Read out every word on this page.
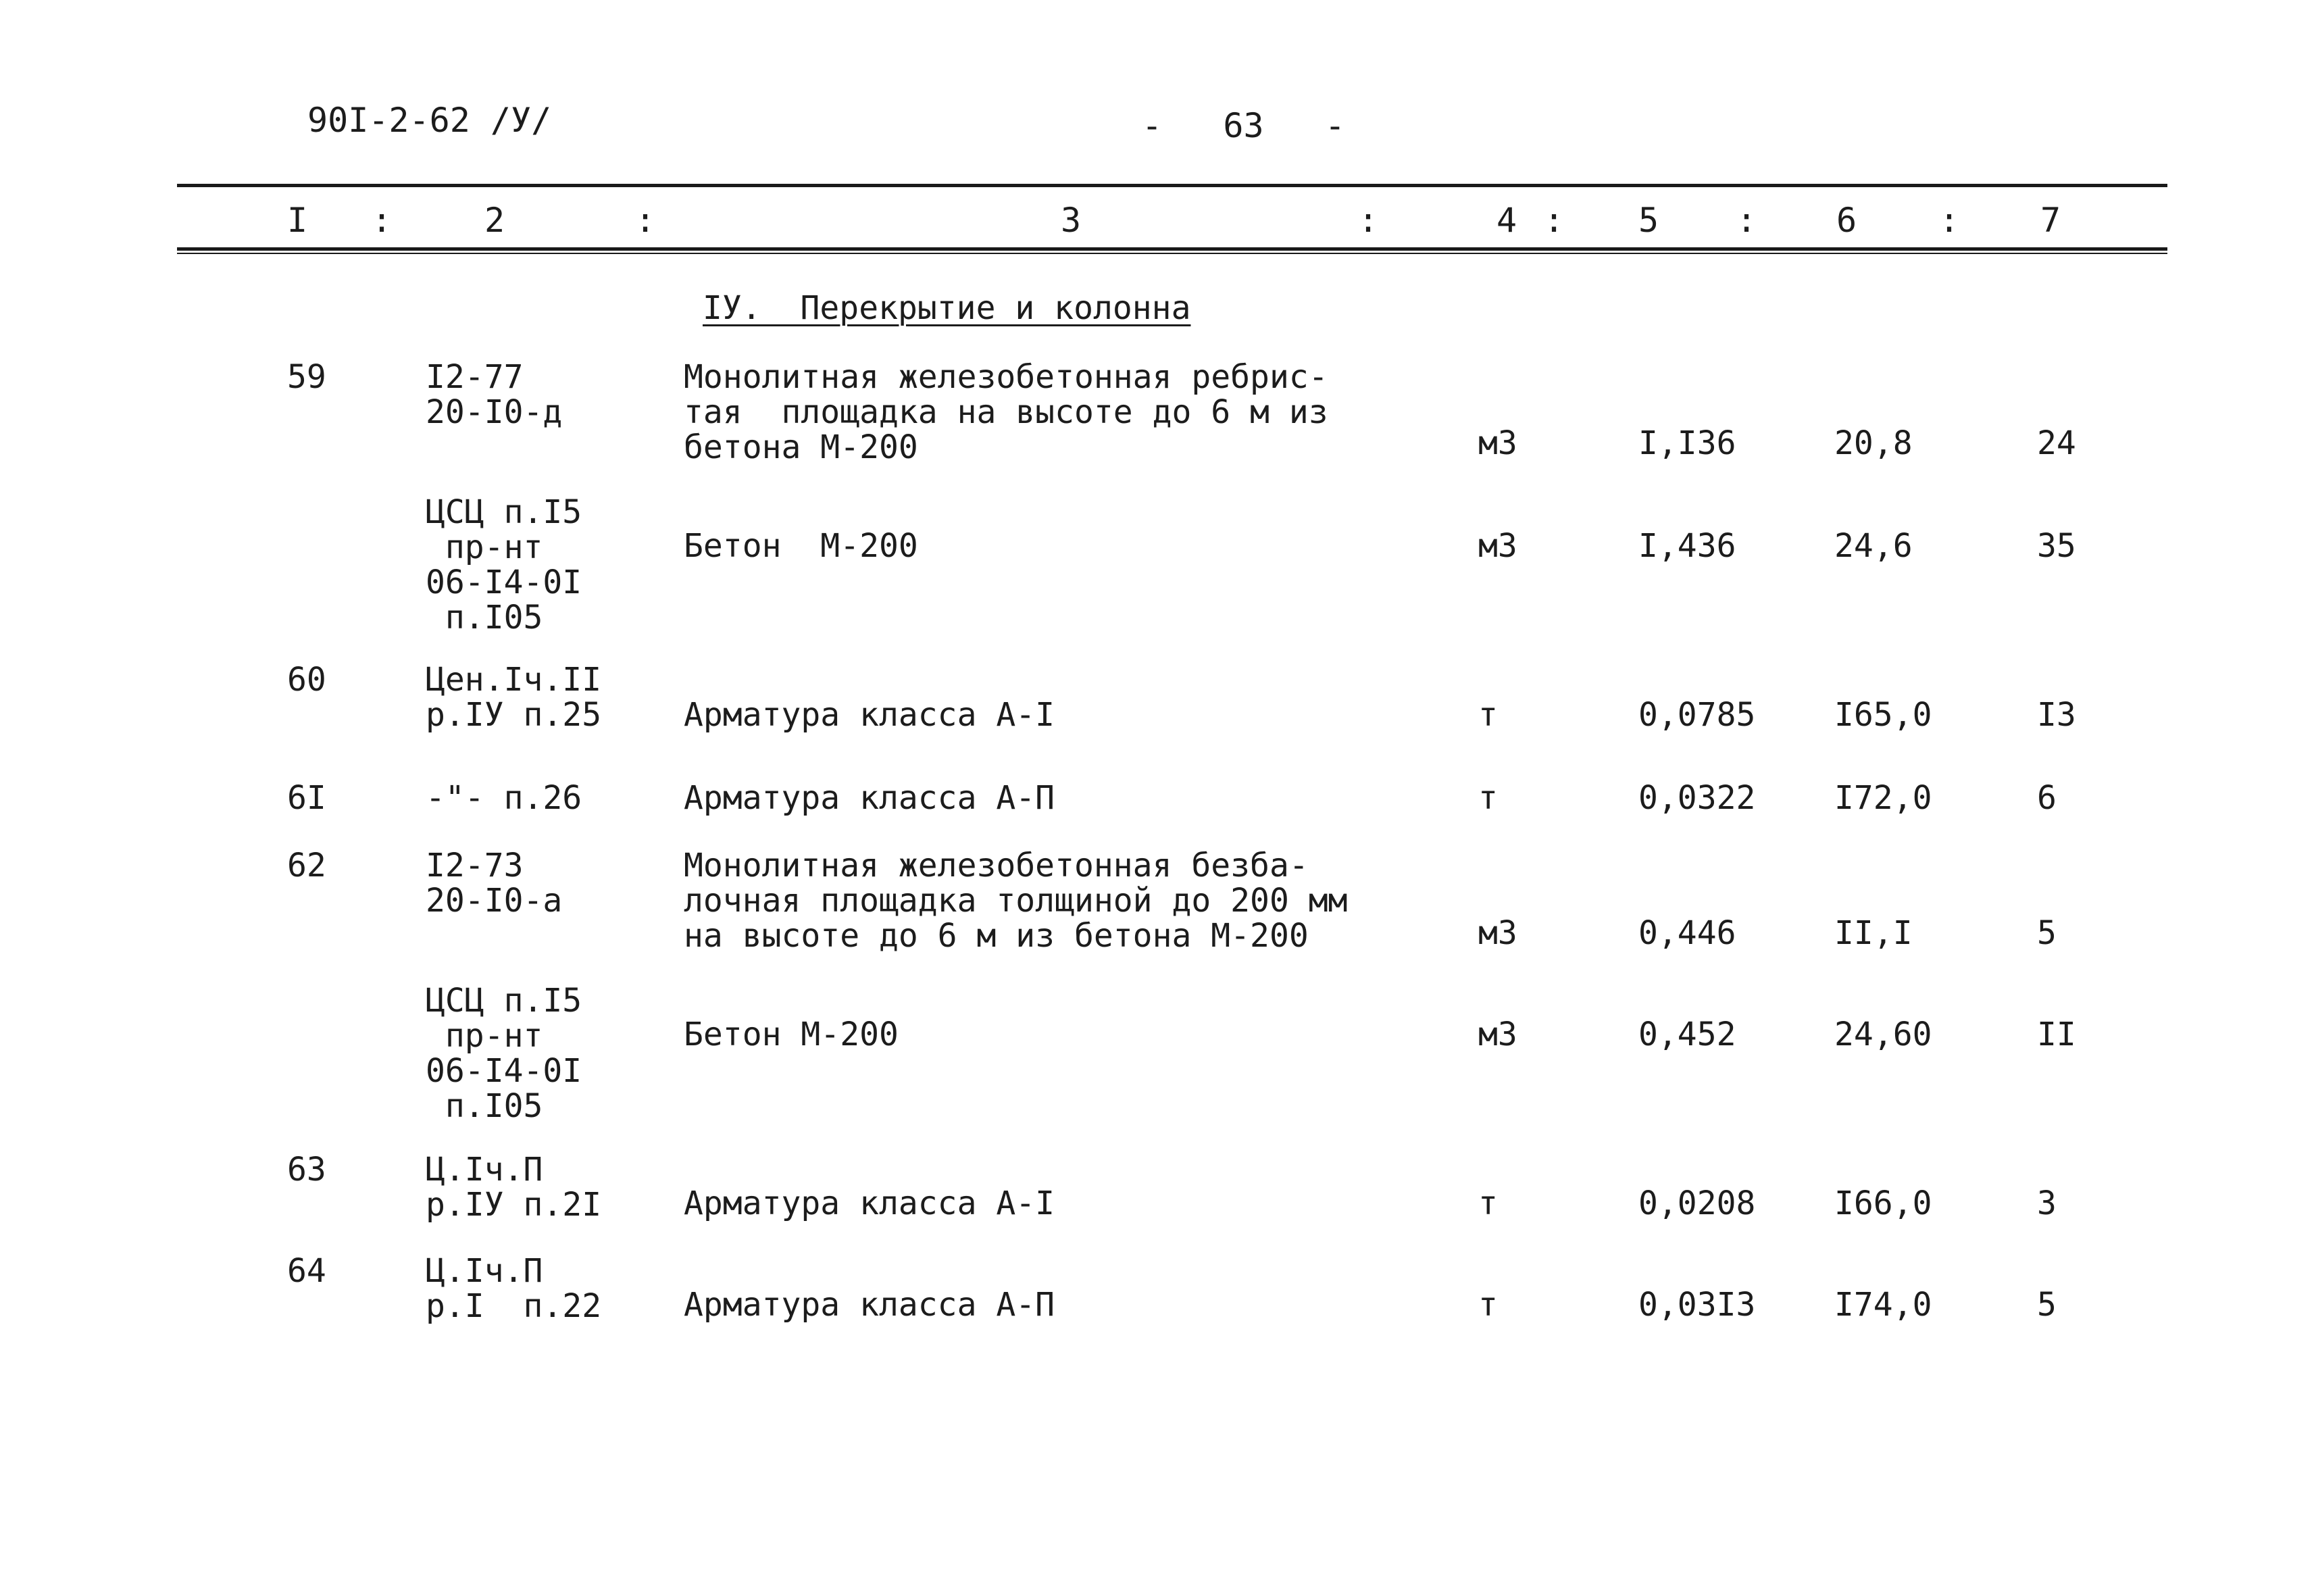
90I-2-62 /У/	-   63   -
I :	2	:	3	:	4 : 5 : 6 : 7
IУ.  Перекрытие и колонна
59	I2-77
20-I0-д
Монолитная железобетонная ребрис-
тая  площадка на высоте до 6 м из
бетона М-200	м3	I,I36	20,8	24
ЦСЦ п.I5
пр-нт
06-I4-0I
п.I05
Бетон  М-200	м3	I,436	24,6	35
60	Цен.Iч.II
р.IУ п.25	Арматура класса А-I	т	0,0785 I65,0	I3
6I	-"- п.26	Арматура класса А-П	т	0,0322 I72,0	6
62	I2-73
20-I0-а
Монолитная железобетонная безба-
лочная площадка толщиной до 200 мм
на высоте до 6 м из бетона М-200	м3	0,446	II,I	5
ЦСЦ п.I5
пр-нт
06-I4-0I
п.I05
Бетон М-200	м3	0,452	24,60	II
63	Ц.Iч.П
р.IУ п.2I	Арматура класса А-I	т	0,0208 I66,0	3
64	Ц.Iч.П
р.I  п.22	Арматура класса А-П	т	0,03I3 I74,0	5
